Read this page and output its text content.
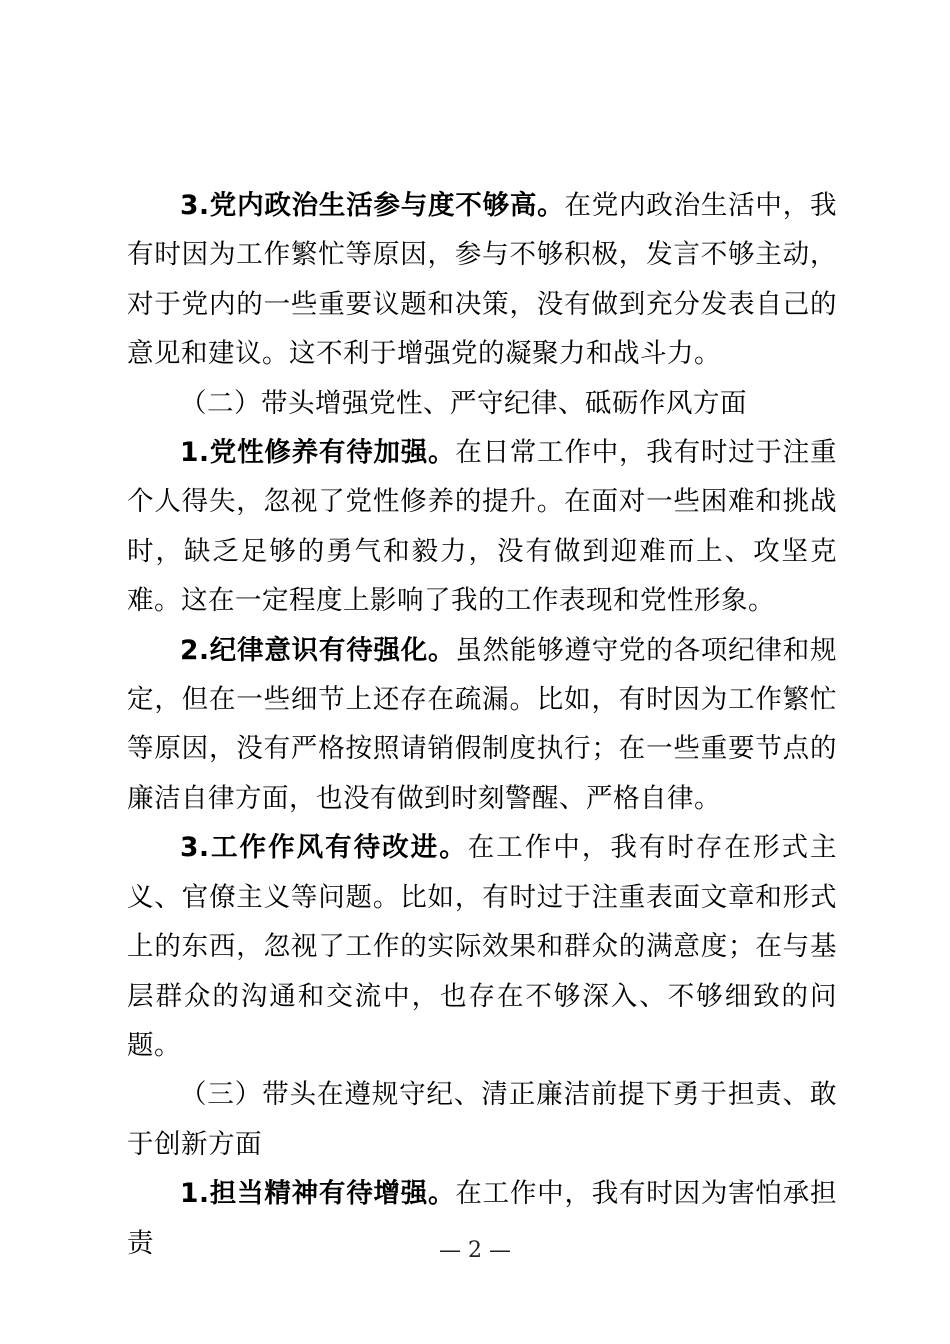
3.党内政治生活参与度不够高。在党内政治生活中，我有时因为工作繁忙等原因，参与不够积极，发言不够主动，对于党内的一些重要议题和决策，没有做到充分发表自己的意见和建议。这不利于增强党的凝聚力和战斗力。

（二）带头增强党性、严守纪律、砥砺作风方面

1.党性修养有待加强。在日常工作中，我有时过于注重个人得失，忽视了党性修养的提升。在面对一些困难和挑战时，缺乏足够的勇气和毅力，没有做到迎难而上、攻坚克难。这在一定程度上影响了我的工作表现和党性形象。

2.纪律意识有待强化。虽然能够遵守党的各项纪律和规定，但在一些细节上还存在疏漏。比如，有时因为工作繁忙等原因，没有严格按照请销假制度执行；在一些重要节点的廉洁自律方面，也没有做到时刻警醒、严格自律。

3.工作作风有待改进。在工作中，我有时存在形式主义、官僚主义等问题。比如，有时过于注重表面文章和形式上的东西，忽视了工作的实际效果和群众的满意度；在与基层群众的沟通和交流中，也存在不够深入、不够细致的问题。

（三）带头在遵规守纪、清正廉洁前提下勇于担责、敢于创新方面

1.担当精神有待增强。在工作中，我有时因为害怕承担责	— 2 —
